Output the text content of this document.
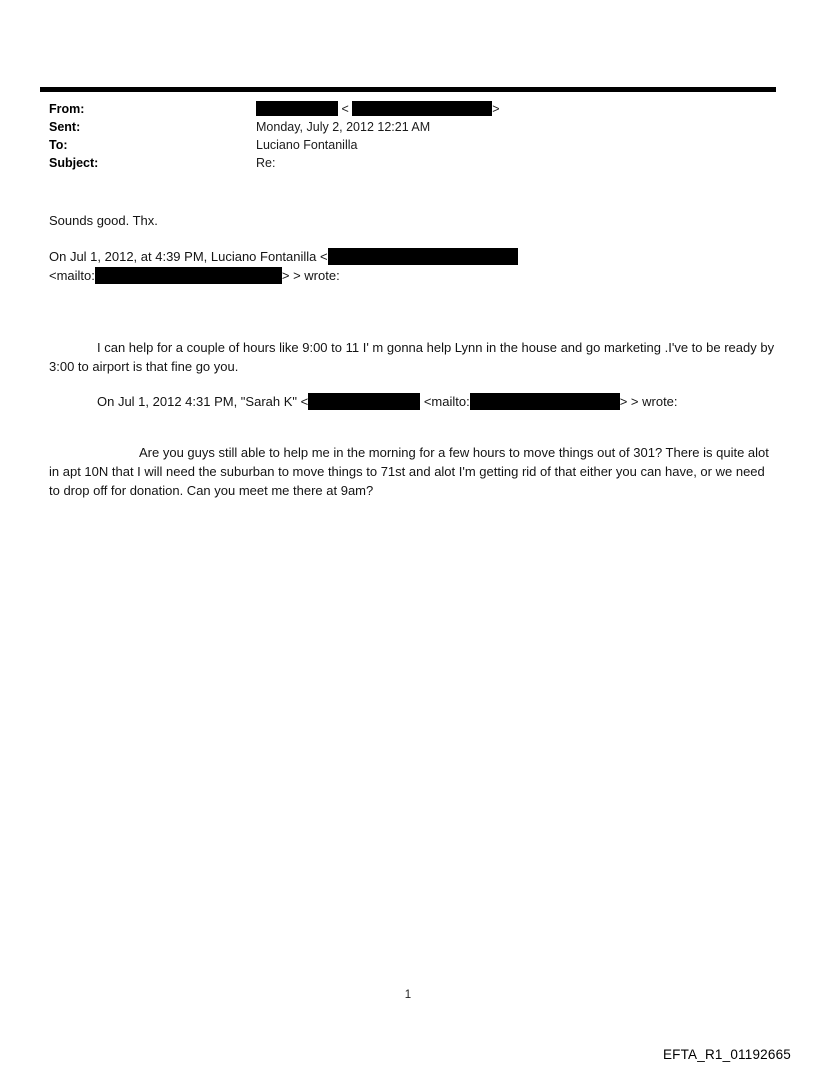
From:	<	>
Sent:	Monday, July 2, 2012 12:21 AM
To:	Luciano Fontanilla
Subject:	Re:
Sounds good. Thx.
On Jul 1, 2012, at 4:39 PM, Luciano Fontanilla <
<mailto:	> > wrote:

I can help for a couple of hours like 9:00 to 11 I' m gonna help Lynn in the house and go marketing .I've to be ready by 3:00 to airport is that fine go you.

On Jul 1, 2012 4:31 PM, "Sarah K" <	<mailto:	> > wrote:

Are you guys still able to help me in the morning for a few hours to move things out of 301? There is quite alot in apt 10N that I will need the suburban to move things to 71st and alot I'm getting rid of that either you can have, or we need to drop off for donation. Can you meet me there at 9am?

1
EFTA_R1_01192665
